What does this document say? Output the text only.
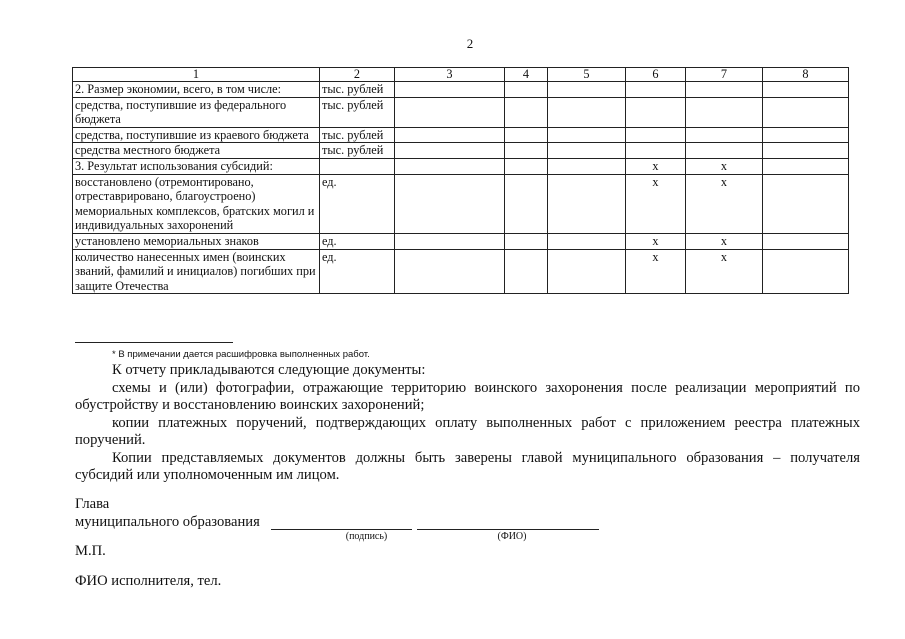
2
1	2	3	4	5	6	7	8
2. Размер экономии, всего, в том числе:	тыс. рублей						
средства, поступившие из федерального бюджета	тыс. рублей						
средства, поступившие из краевого бюджета	тыс. рублей						
средства местного бюджета	тыс. рублей						
3. Результат использования субсидий:					x	x	
восстановлено (отремонтировано, отреставрировано, благоустроено) мемориальных комплексов, братских могил и индивидуальных захоронений	ед.				x	x	
установлено мемориальных знаков	ед.				x	x	
количество нанесенных имен (воинских званий, фамилий и инициалов) погибших при защите Отечества	ед.				x	x	
* В примечании дается расшифровка выполненных работ.

К отчету прикладываются следующие документы:

схемы и (или) фотографии, отражающие территорию воинского захоронения после реализации мероприятий по обустройству и восстановлению воинских захоронений;

копии платежных поручений, подтверждающих оплату выполненных работ с приложением реестра платежных поручений.

Копии представляемых документов должны быть заверены главой муниципального образования – получателя субсидий или уполномоченным им лицом.

Глава
муниципального образования
(подпись)	(ФИО)
М.П.
ФИО исполнителя, тел.
